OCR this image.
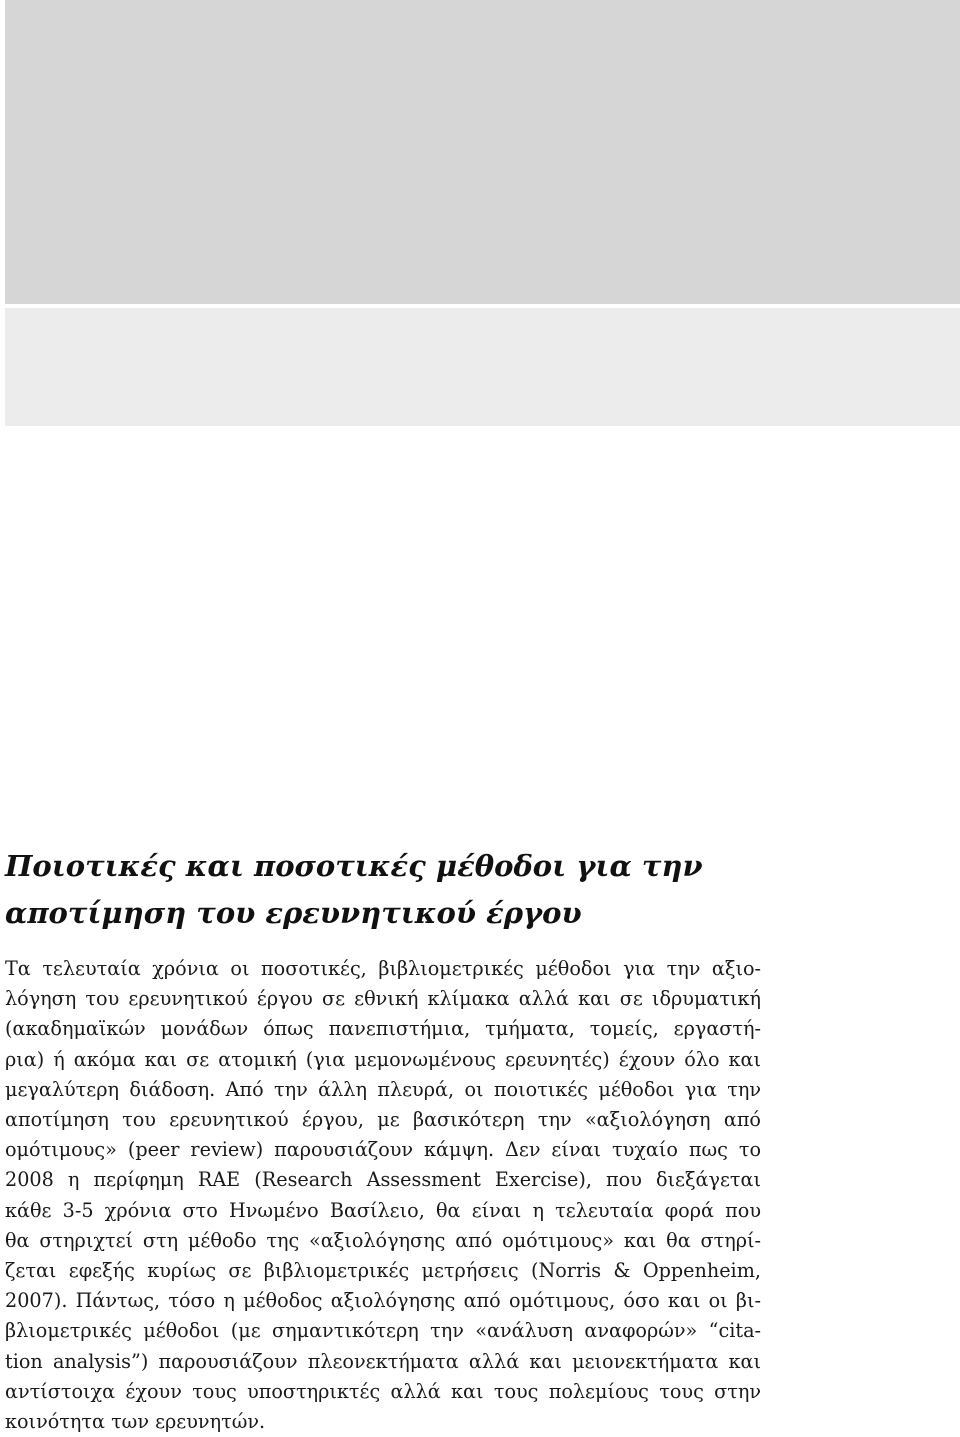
Ποιοτικές και ποσοτικές μέθοδοι για την
αποτίμηση του ερευνητικού έργου
Τα τελευταία χρόνια οι ποσοτικές, βιβλιομετρικές μέθοδοι για την αξιο-
λόγηση του ερευνητικού έργου σε εθνική κλίμακα αλλά και σε ιδρυματική
(ακαδημαϊκών μονάδων όπως πανεπιστήμια, τμήματα, τομείς, εργαστή-
ρια) ή ακόμα και σε ατομική (για μεμονωμένους ερευνητές) έχουν όλο και
μεγαλύτερη διάδοση. Από την άλλη πλευρά, οι ποιοτικές μέθοδοι για την
αποτίμηση του ερευνητικού έργου, με βασικότερη την «αξιολόγηση από
ομότιμους» (peer review) παρουσιάζουν κάμψη. Δεν είναι τυχαίο πως το
2008 η περίφημη RAE (Research Assessment Exercise), που διεξάγεται
κάθε 3-5 χρόνια στο Ηνωμένο Βασίλειο, θα είναι η τελευταία φορά που
θα στηριχτεί στη μέθοδο της «αξιολόγησης από ομότιμους» και θα στηρί-
ζεται εφεξής κυρίως σε βιβλιομετρικές μετρήσεις (Norris & Oppenheim,
2007). Πάντως, τόσο η μέθοδος αξιολόγησης από ομότιμους, όσο και οι βι-
βλιομετρικές μέθοδοι (με σημαντικότερη την «ανάλυση αναφορών» “cita-
tion analysis”) παρουσιάζουν πλεονεκτήματα αλλά και μειονεκτήματα και
αντίστοιχα έχουν τους υποστηρικτές αλλά και τους πολεμίους τους στην
κοινότητα των ερευνητών.
